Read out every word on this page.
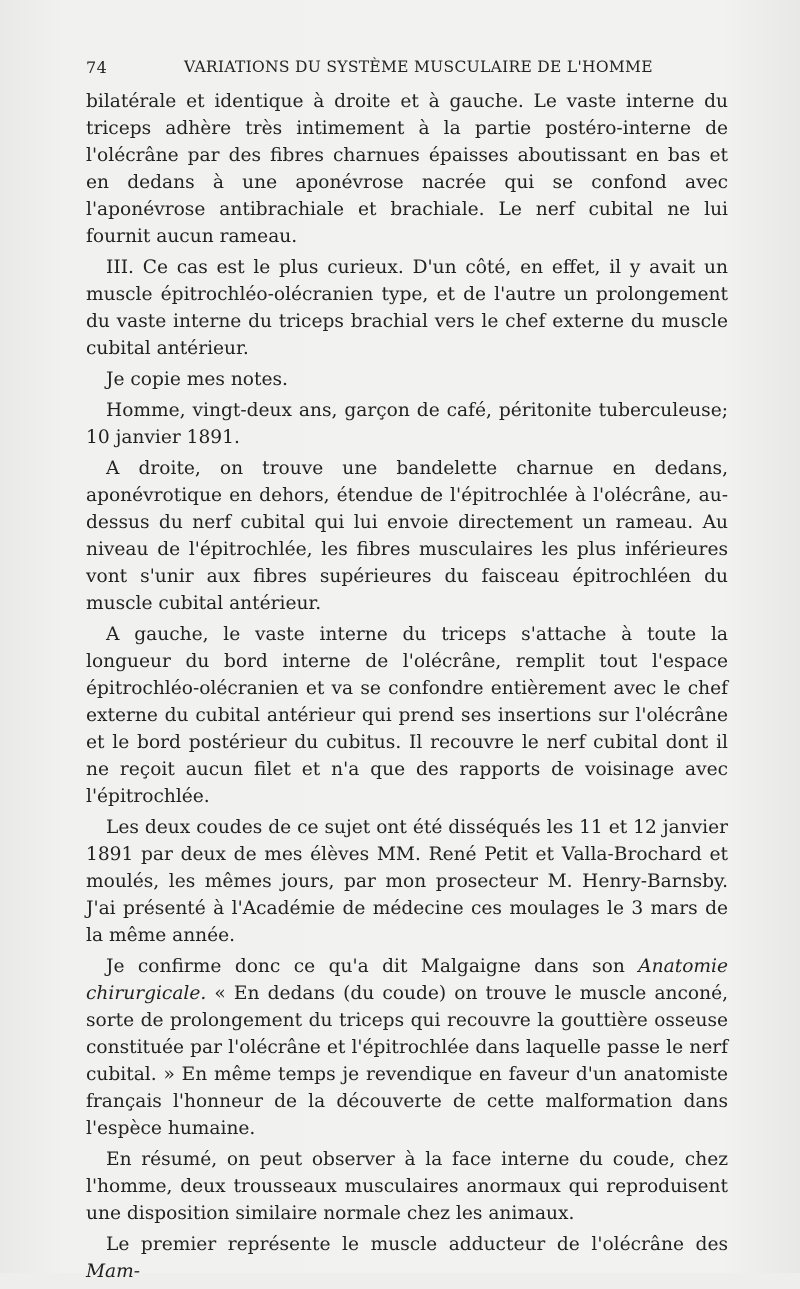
74	VARIATIONS DU SYSTÈME MUSCULAIRE DE L'HOMME

bilatérale et identique à droite et à gauche. Le vaste interne du triceps adhère très intimement à la partie postéro-interne de l'olécrâne par des fibres charnues épaisses aboutissant en bas et en dedans à une aponévrose nacrée qui se confond avec l'aponévrose antibrachiale et brachiale. Le nerf cubital ne lui fournit aucun rameau.

III. Ce cas est le plus curieux. D'un côté, en effet, il y avait un muscle épitrochléo-olécranien type, et de l'autre un prolongement du vaste interne du triceps brachial vers le chef externe du muscle cubital antérieur.

Je copie mes notes.

Homme, vingt-deux ans, garçon de café, péritonite tuberculeuse; 10 janvier 1891.

A droite, on trouve une bandelette charnue en dedans, aponévrotique en dehors, étendue de l'épitrochlée à l'olécrâne, au-dessus du nerf cubital qui lui envoie directement un rameau. Au niveau de l'épitrochlée, les fibres musculaires les plus inférieures vont s'unir aux fibres supérieures du faisceau épitrochléen du muscle cubital antérieur.

A gauche, le vaste interne du triceps s'attache à toute la longueur du bord interne de l'olécrâne, remplit tout l'espace épitrochléo-olécranien et va se confondre entièrement avec le chef externe du cubital antérieur qui prend ses insertions sur l'olécrâne et le bord postérieur du cubitus. Il recouvre le nerf cubital dont il ne reçoit aucun filet et n'a que des rapports de voisinage avec l'épitrochlée.

Les deux coudes de ce sujet ont été disséqués les 11 et 12 janvier 1891 par deux de mes élèves MM. René Petit et Valla-Brochard et moulés, les mêmes jours, par mon prosecteur M. Henry-Barnsby. J'ai présenté à l'Académie de médecine ces moulages le 3 mars de la même année.

Je confirme donc ce qu'a dit Malgaigne dans son Anatomie chirurgicale. « En dedans (du coude) on trouve le muscle anconé, sorte de prolongement du triceps qui recouvre la gouttière osseuse constituée par l'olécrâne et l'épitrochlée dans laquelle passe le nerf cubital. » En même temps je revendique en faveur d'un anatomiste français l'honneur de la découverte de cette malformation dans l'espèce humaine.

En résumé, on peut observer à la face interne du coude, chez l'homme, deux trousseaux musculaires anormaux qui reproduisent une disposition similaire normale chez les animaux.

Le premier représente le muscle adducteur de l'olécrâne des Mam-
